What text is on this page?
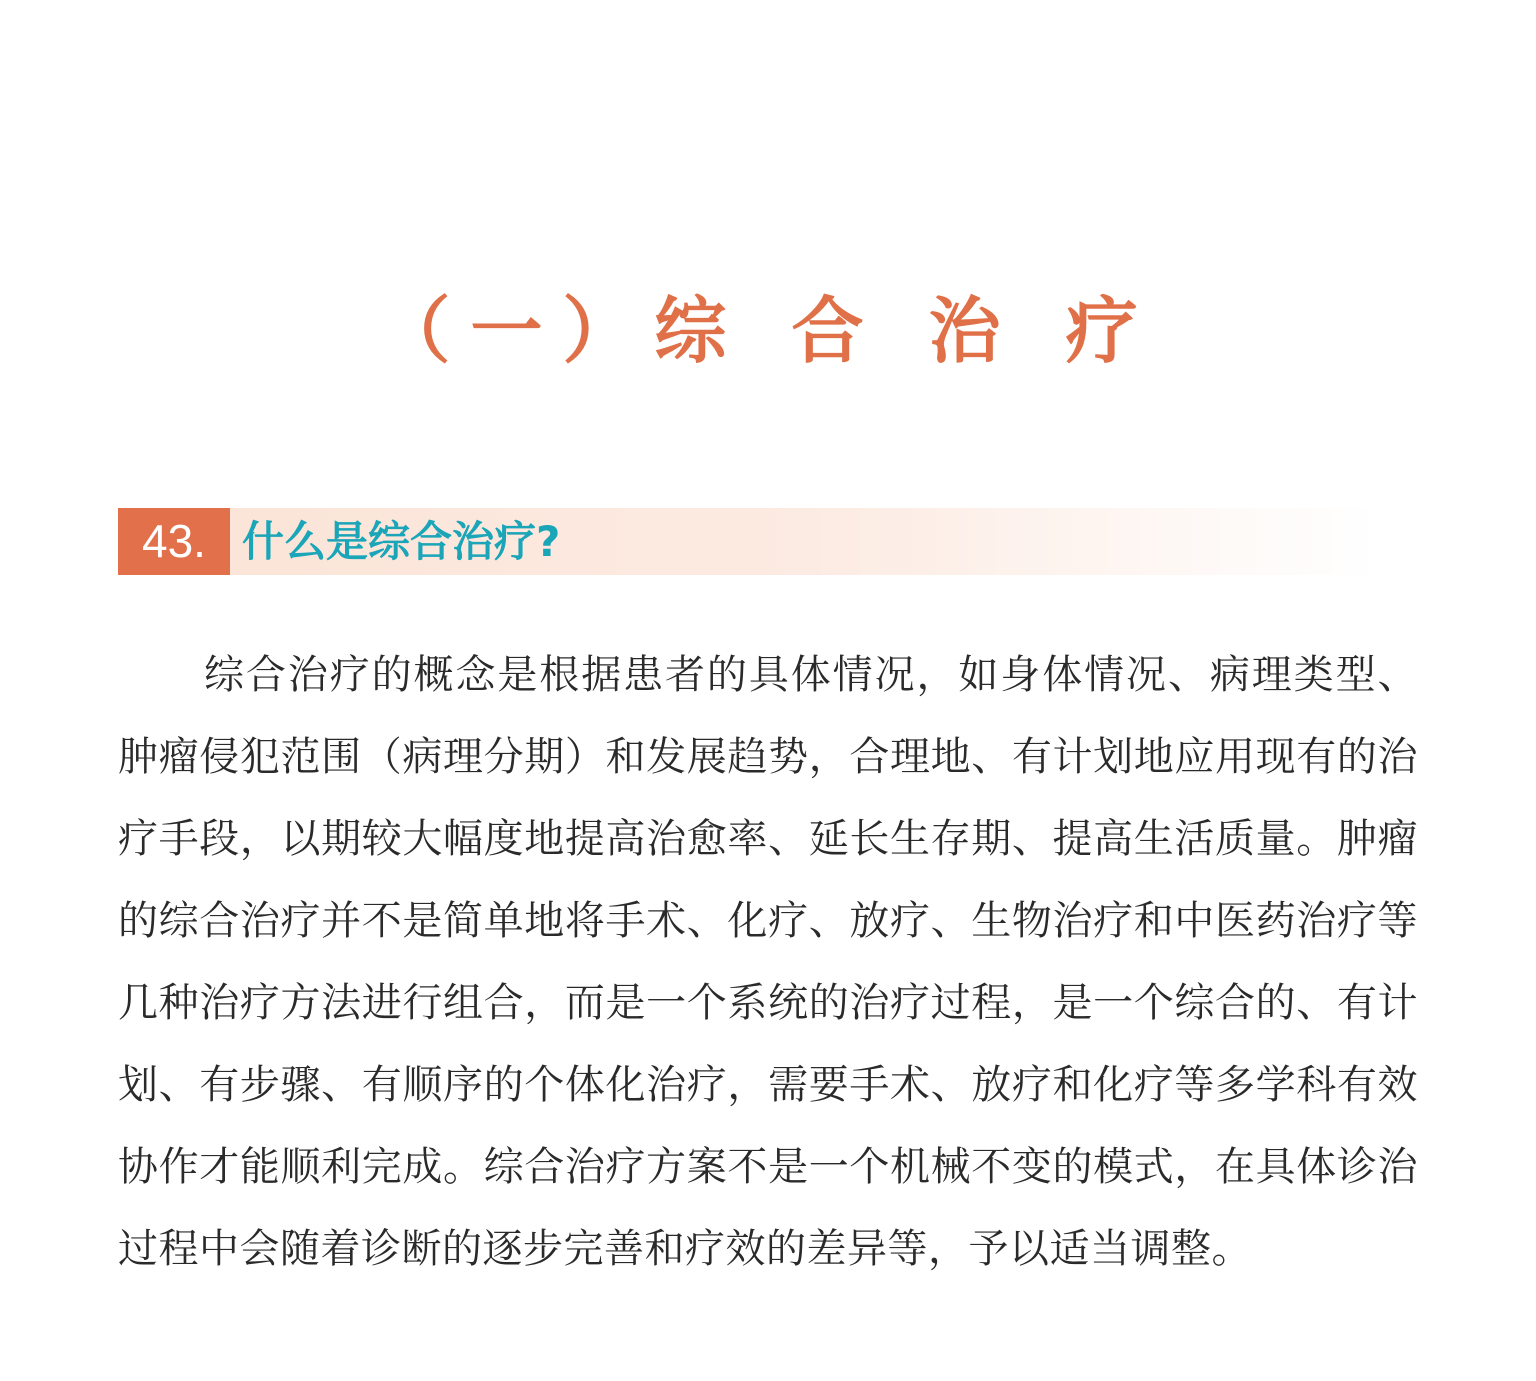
（一）综 合 治 疗
43. 什么是综合治疗?

综合治疗的概念是根据患者的具体情况，如身体情况、病理类型、肿瘤侵犯范围（病理分期）和发展趋势，合理地、有计划地应用现有的治疗手段，以期较大幅度地提高治愈率、延长生存期、提高生活质量。肿瘤的综合治疗并不是简单地将手术、化疗、放疗、生物治疗和中医药治疗等几种治疗方法进行组合，而是一个系统的治疗过程，是一个综合的、有计划、有步骤、有顺序的个体化治疗，需要手术、放疗和化疗等多学科有效协作才能顺利完成。综合治疗方案不是一个机械不变的模式，在具体诊治过程中会随着诊断的逐步完善和疗效的差异等，予以适当调整。
